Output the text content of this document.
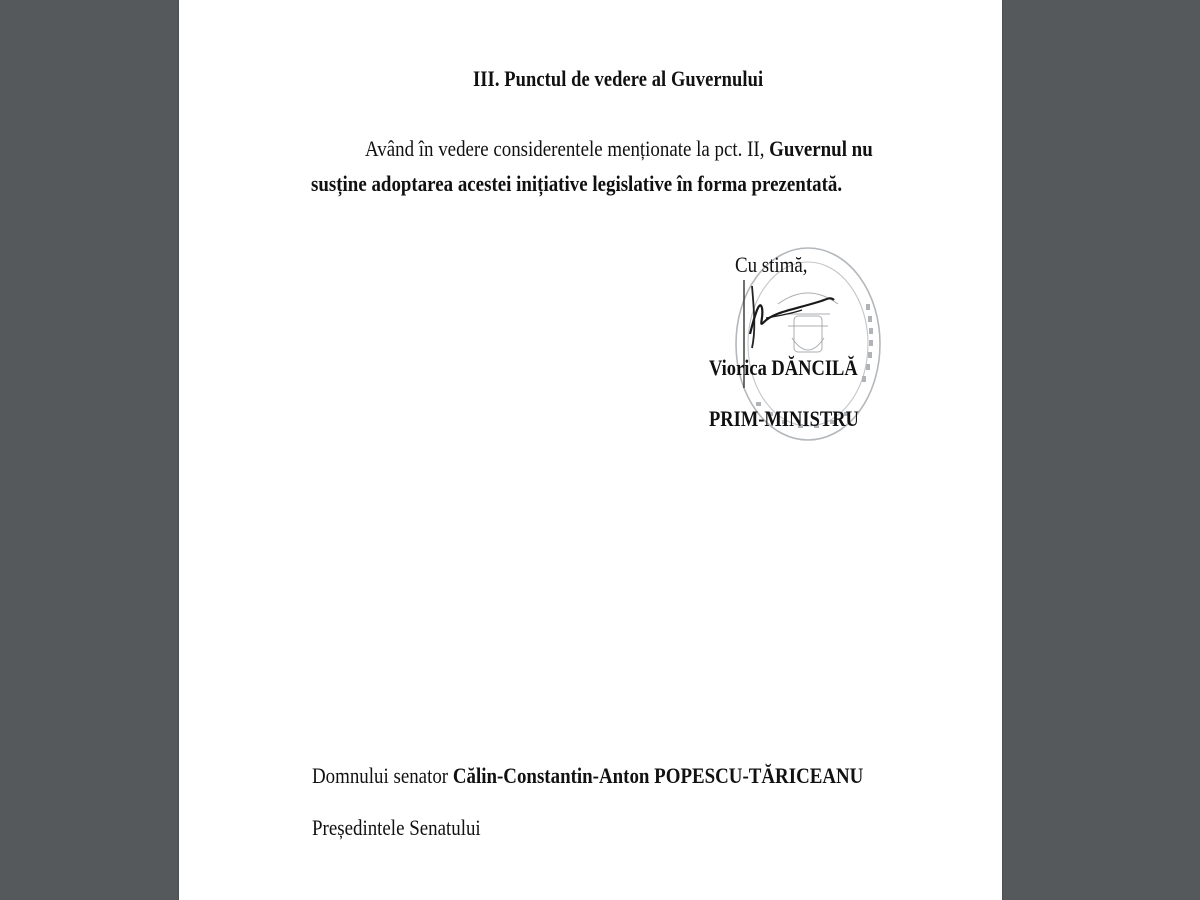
III. Punctul de vedere al Guvernului
Având în vedere considerentele menționate la pct. II, Guvernul nu
susține adoptarea acestei inițiative legislative în forma prezentată.
Cu stimă,
Viorica DĂNCILĂ
PRIM-MINISTRU
Domnului senator Călin-Constantin-Anton POPESCU-TĂRICEANU
Președintele Senatului
